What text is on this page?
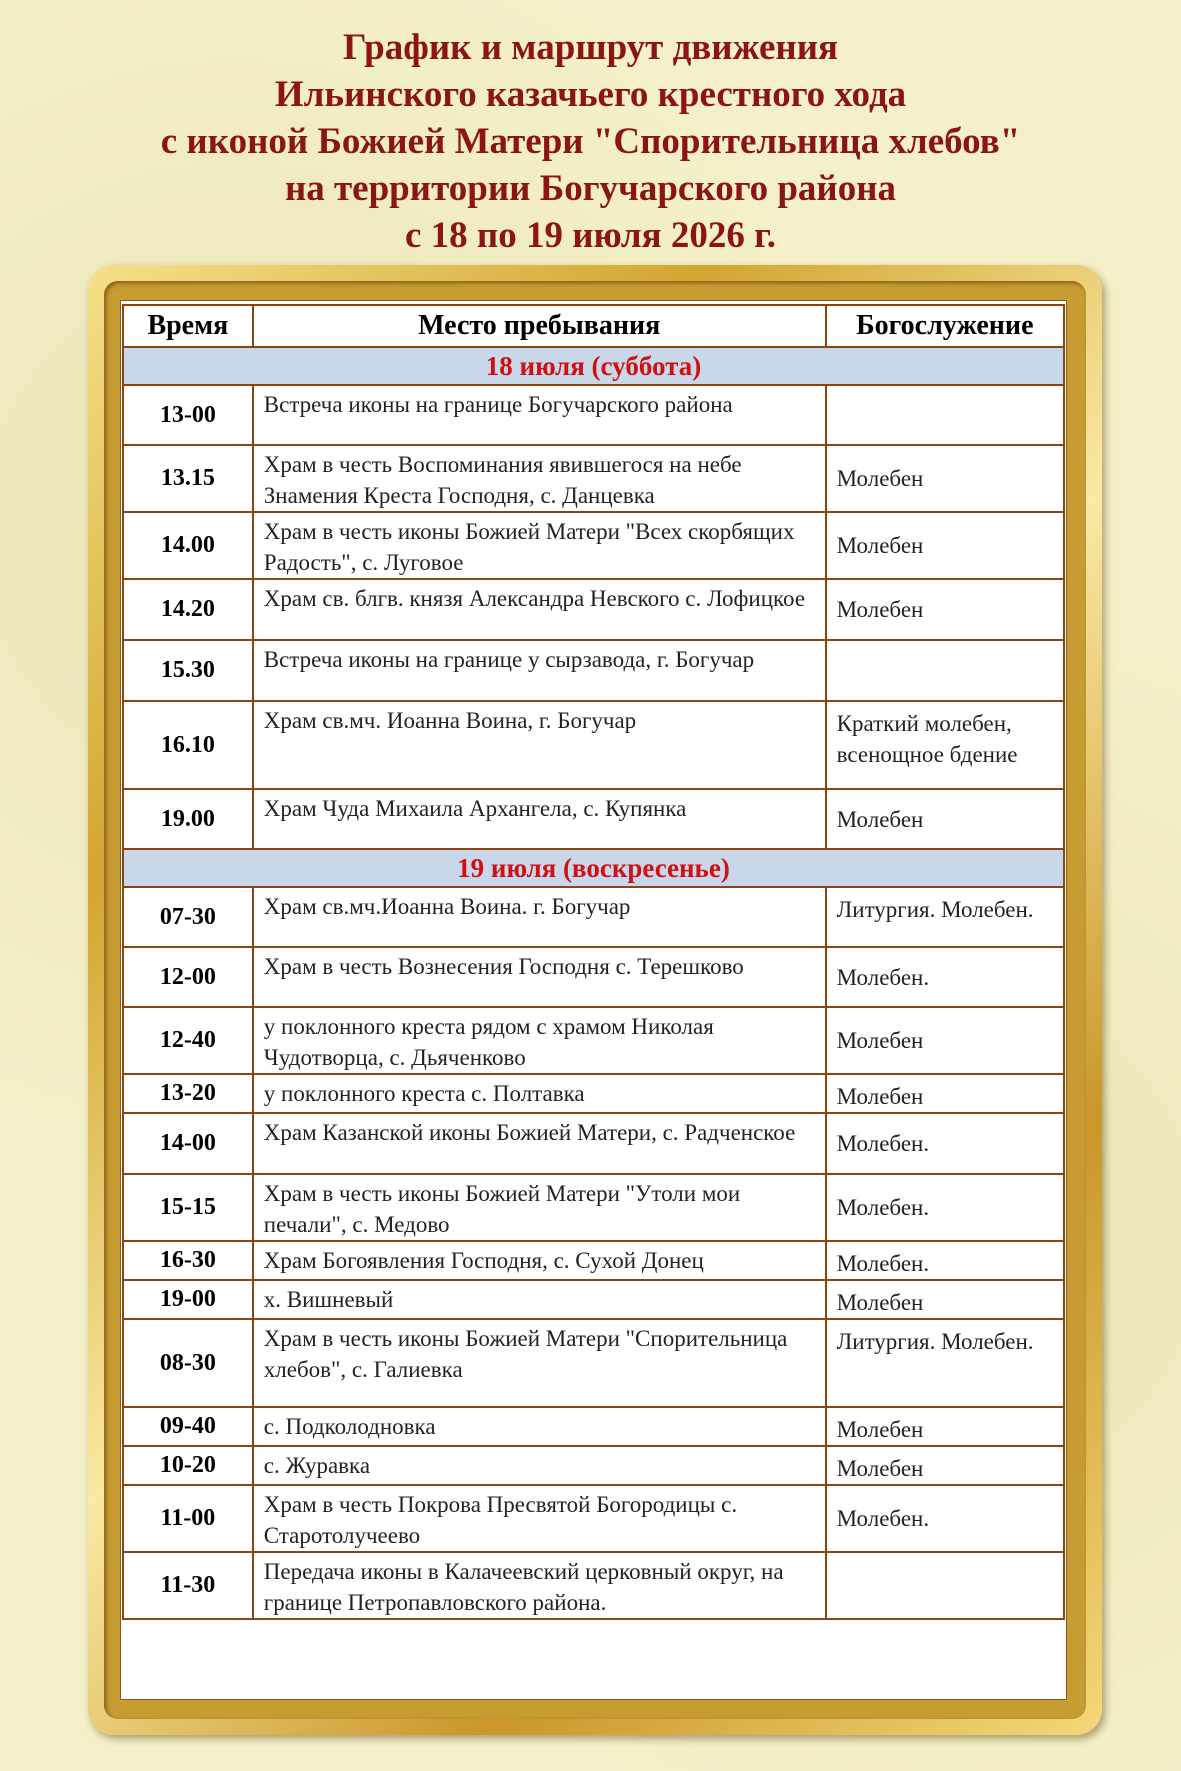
График и маршрут движения
Ильинского казачьего крестного хода
с иконой Божией Матери "Спорительница хлебов"
на территории Богучарского района
с 18 по 19 июля 2026 г.
Время	Место пребывания	Богослужение
18 июля (суббота)		
13-00	Встреча иконы на границе Богучарского района	
13.15	Храм в честь Воспоминания явившегося на небе Знамения Креста Господня, с. Данцевка	Молебен
14.00	Храм в честь иконы Божией Матери "Всех скорбящих Радость", с. Луговое	Молебен
14.20	Храм св. блгв. князя Александра Невского с. Лофицкое	Молебен
15.30	Встреча иконы на границе у сырзавода, г. Богучар	
16.10	Храм св.мч. Иоанна Воина, г. Богучар	Краткий молебен, всенощное бдение
19.00	Храм Чуда Михаила Архангела, с. Купянка	Молебен
19 июля (воскресенье)		
07-30	Храм св.мч.Иоанна Воина. г. Богучар	Литургия. Молебен.
12-00	Храм в честь Вознесения Господня с. Терешково	Молебен.
12-40	у поклонного креста рядом с храмом Николая Чудотворца, с. Дьяченково	Молебен
13-20	у поклонного креста с. Полтавка	Молебен
14-00	Храм Казанской иконы Божией Матери, с. Радченское	Молебен.
15-15	Храм в честь иконы Божией Матери "Утоли мои печали", с. Медово	Молебен.
16-30	Храм Богоявления Господня, с. Сухой Донец	Молебен.
19-00	х. Вишневый	Молебен
08-30	Храм в честь иконы Божией Матери "Спорительница хлебов", с. Галиевка	Литургия. Молебен.
09-40	с. Подколодновка	Молебен
10-20	с. Журавка	Молебен
11-00	Храм в честь Покрова Пресвятой Богородицы с. Старотолучеево	Молебен.
11-30	Передача иконы в Калачеевский церковный округ, на границе Петропавловского района.	
